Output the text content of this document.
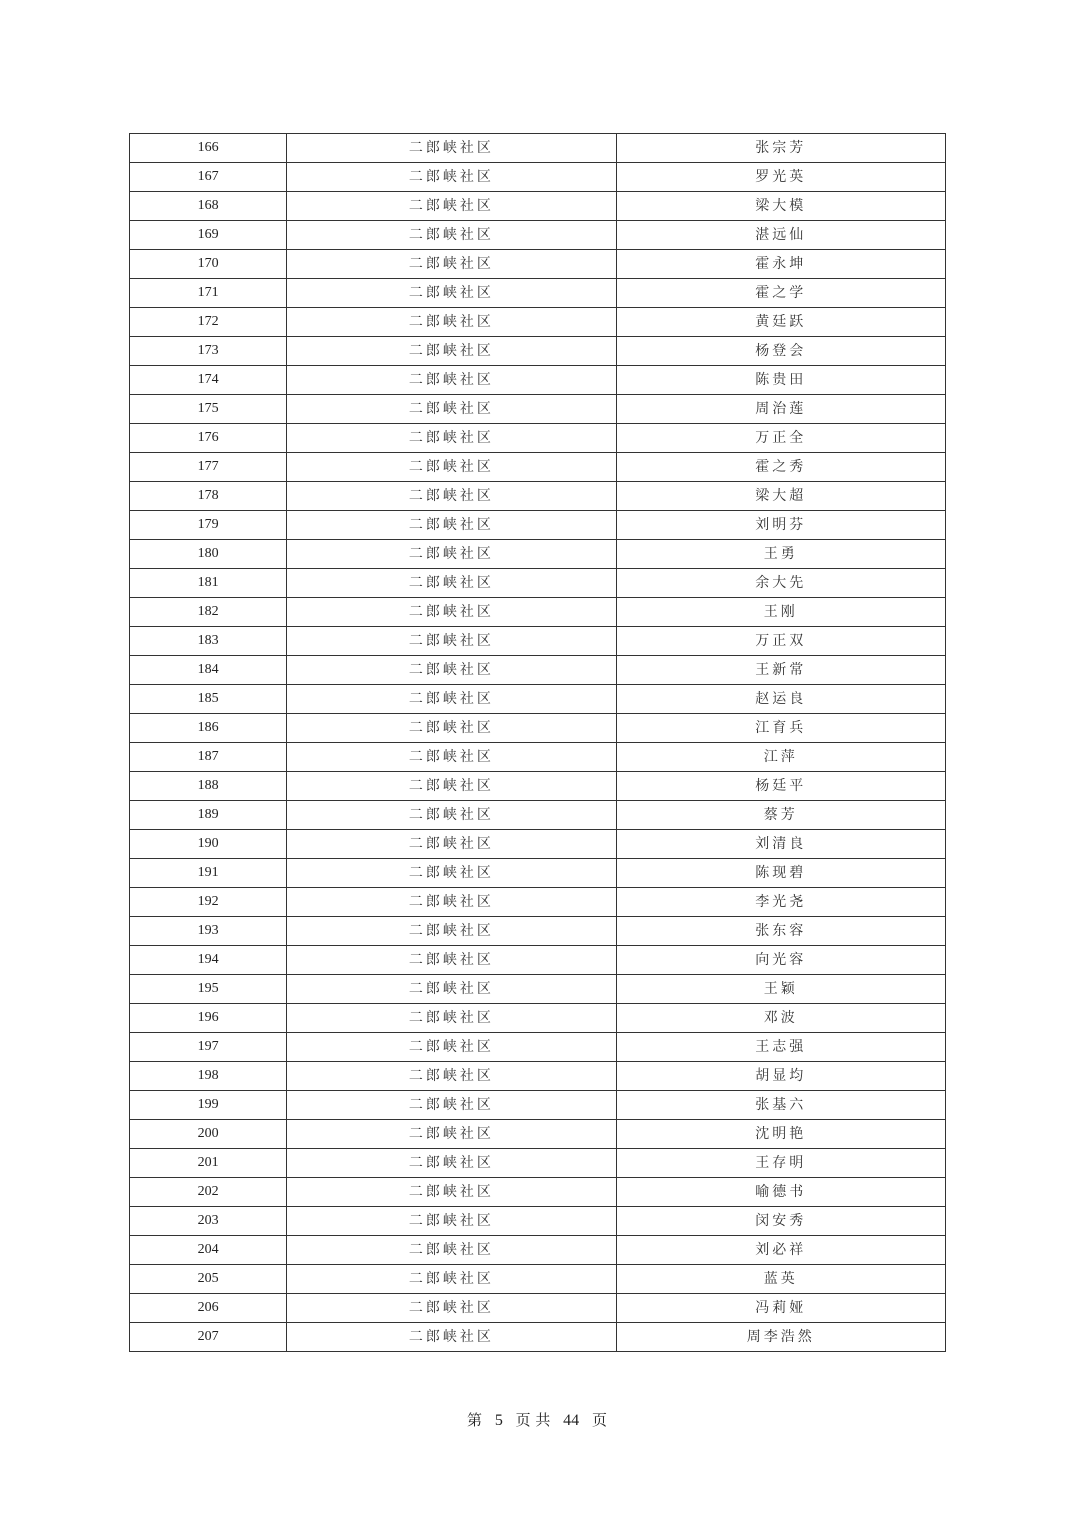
166	二郎峡社区	张宗芳
167	二郎峡社区	罗光英
168	二郎峡社区	梁大模
169	二郎峡社区	湛远仙
170	二郎峡社区	霍永坤
171	二郎峡社区	霍之学
172	二郎峡社区	黄廷跃
173	二郎峡社区	杨登会
174	二郎峡社区	陈贵田
175	二郎峡社区	周治莲
176	二郎峡社区	万正全
177	二郎峡社区	霍之秀
178	二郎峡社区	梁大超
179	二郎峡社区	刘明芬
180	二郎峡社区	王勇
181	二郎峡社区	余大先
182	二郎峡社区	王刚
183	二郎峡社区	万正双
184	二郎峡社区	王新常
185	二郎峡社区	赵运良
186	二郎峡社区	江育兵
187	二郎峡社区	江萍
188	二郎峡社区	杨廷平
189	二郎峡社区	蔡芳
190	二郎峡社区	刘清良
191	二郎峡社区	陈现碧
192	二郎峡社区	李光尧
193	二郎峡社区	张东容
194	二郎峡社区	向光容
195	二郎峡社区	王颖
196	二郎峡社区	邓波
197	二郎峡社区	王志强
198	二郎峡社区	胡显均
199	二郎峡社区	张基六
200	二郎峡社区	沈明艳
201	二郎峡社区	王存明
202	二郎峡社区	喻德书
203	二郎峡社区	闵安秀
204	二郎峡社区	刘必祥
205	二郎峡社区	蓝英
206	二郎峡社区	冯莉娅
207	二郎峡社区	周李浩然
第 5 页 共 44 页
